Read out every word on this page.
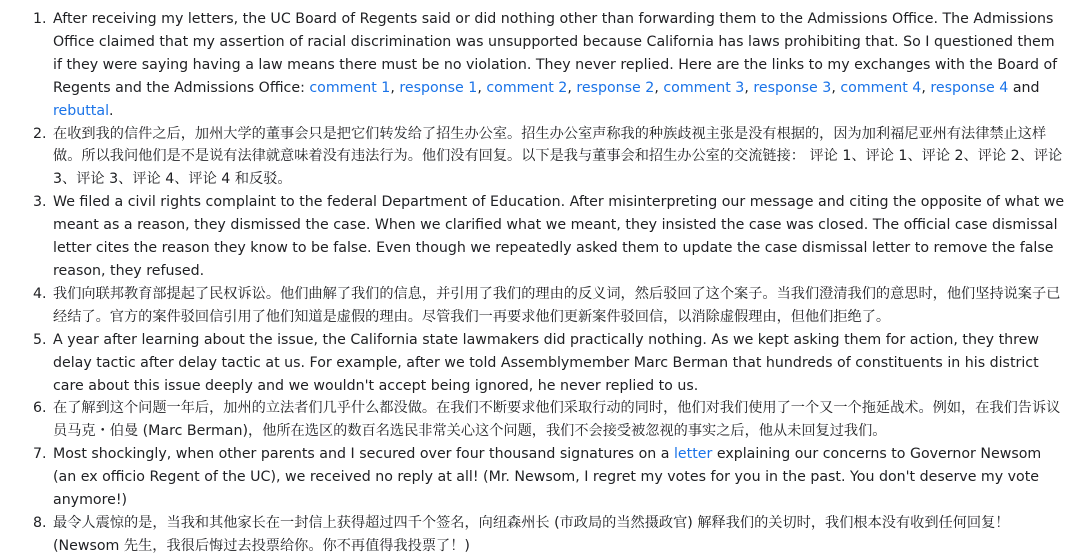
1. After receiving my letters, the UC Board of Regents said or did nothing other than forwarding them to the Admissions Office. The Admissions Office claimed that my assertion of racial discrimination was unsupported because California has laws prohibiting that. So I questioned them if they were saying having a law means there must be no violation. They never replied. Here are the links to my exchanges with the Board of Regents and the Admissions Office: comment 1, response 1, comment 2, response 2, comment 3, response 3, comment 4, response 4 and rebuttal.
2. 在收到我的信件之后，加州大学的董事会只是把它们转发给了招生办公室。招生办公室声称我的种族歧视主张是没有根据的，因为加利福尼亚州有法律禁止这样做。所以我问他们是不是说有法律就意味着没有违法行为。他们没有回复。以下是我与董事会和招生办公室的交流链接： 评论 1、评论 1、评论 2、评论 2、评论 3、评论 3、评论 4、评论 4 和反驳。
3. We filed a civil rights complaint to the federal Department of Education. After misinterpreting our message and citing the opposite of what we meant as a reason, they dismissed the case. When we clarified what we meant, they insisted the case was closed. The official case dismissal letter cites the reason they know to be false. Even though we repeatedly asked them to update the case dismissal letter to remove the false reason, they refused.
4. 我们向联邦教育部提起了民权诉讼。他们曲解了我们的信息，并引用了我们的理由的反义词，然后驳回了这个案子。当我们澄清我们的意思时，他们坚持说案子已经结了。官方的案件驳回信引用了他们知道是虚假的理由。尽管我们一再要求他们更新案件驳回信，以消除虚假理由，但他们拒绝了。
5. A year after learning about the issue, the California state lawmakers did practically nothing. As we kept asking them for action, they threw delay tactic after delay tactic at us. For example, after we told Assemblymember Marc Berman that hundreds of constituents in his district care about this issue deeply and we wouldn't accept being ignored, he never replied to us.
6. 在了解到这个问题一年后，加州的立法者们几乎什么都没做。在我们不断要求他们采取行动的同时，他们对我们使用了一个又一个拖延战术。例如，在我们告诉议员马克・伯曼 (Marc Berman)，他所在选区的数百名选民非常关心这个问题，我们不会接受被忽视的事实之后，他从未回复过我们。
7. Most shockingly, when other parents and I secured over four thousand signatures on a letter explaining our concerns to Governor Newsom (an ex officio Regent of the UC), we received no reply at all! (Mr. Newsom, I regret my votes for you in the past. You don't deserve my vote anymore!)
8. 最令人震惊的是，当我和其他家长在一封信上获得超过四千个签名，向纽森州长 (市政局的当然摄政官) 解释我们的关切时，我们根本没有收到任何回复！ (Newsom 先生，我很后悔过去投票给你。你不再值得我投票了！)
